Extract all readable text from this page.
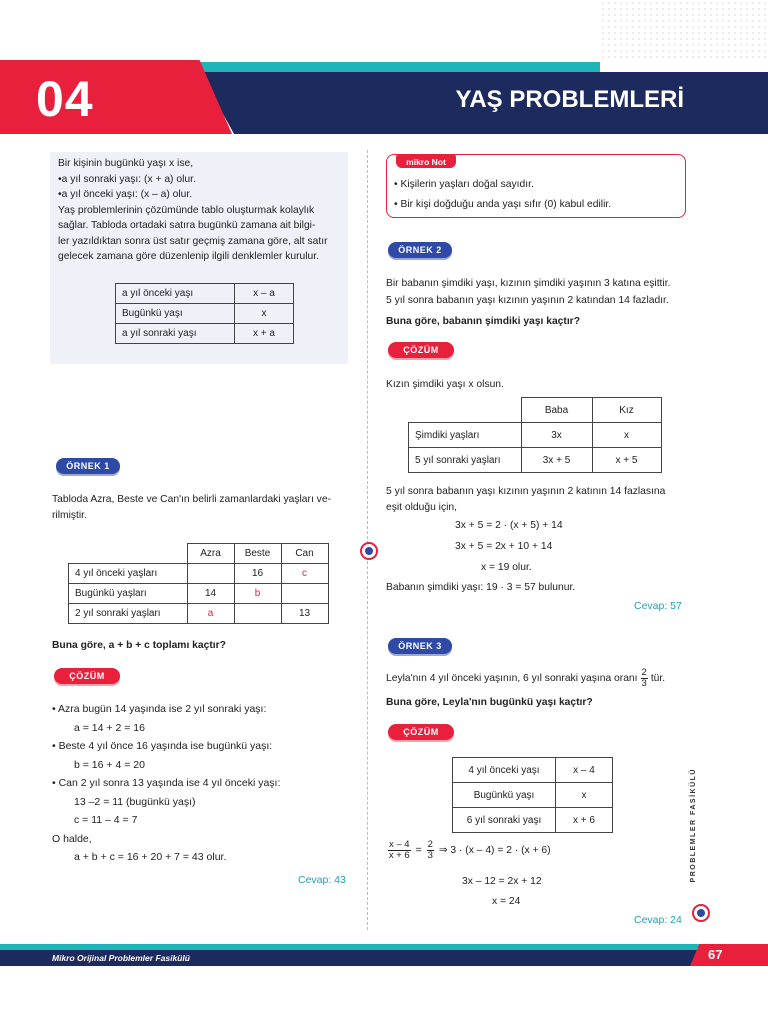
04	YAŞ PROBLEMLERİ
Bir kişinin bugünkü yaşı x ise,
•a yıl sonraki yaşı: (x + a) olur.
•a yıl önceki yaşı: (x – a) olur.
Yaş problemlerinin çözümünde tablo oluşturmak kolaylık
sağlar. Tabloda ortadaki satıra bugünkü zamana ait bilgi-
ler yazıldıktan sonra üst satır geçmiş zamana göre, alt satır
gelecek zamana göre düzenlenip ilgili denklemler kurulur.
a yıl önceki yaşı	x – a
Bugünkü yaşı	x
a yıl sonraki yaşı	x + a
ÖRNEK 1
Tabloda Azra, Beste ve Can'ın belirli zamanlardaki yaşları ve-
rilmiştir.
	Azra	Beste	Can
4 yıl önceki yaşları		16	c
Bugünkü yaşları	14	b	
2 yıl sonraki yaşları	a		13
Buna göre, a + b + c toplamı kaçtır?
ÇÖZÜM
• Azra bugün 14 yaşında ise 2 yıl sonraki yaşı:
a = 14 + 2 = 16
• Beste 4 yıl önce 16 yaşında ise bugünkü yaşı:
b = 16 + 4 = 20
• Can 2 yıl sonra 13 yaşında ise 4 yıl önceki yaşı:
13 –2 = 11 (bugünkü yaşı)
c = 11 – 4 = 7
O halde,
a + b + c = 16 + 20 + 7 = 43 olur.
Cevap: 43
mikro Not
• Kişilerin yaşları doğal sayıdır.
• Bir kişi doğduğu anda yaşı sıfır (0) kabul edilir.
ÖRNEK 2
Bir babanın şimdiki yaşı, kızının şimdiki yaşının 3 katına eşittir.
5 yıl sonra babanın yaşı kızının yaşının 2 katından 14 fazladır.
Buna göre, babanın şimdiki yaşı kaçtır?
ÇÖZÜM
Kızın şimdiki yaşı x olsun.
	Baba	Kız
Şimdiki yaşları	3x	x
5 yıl sonraki yaşları	3x + 5	x + 5
5 yıl sonra babanın yaşı kızının yaşının 2 katının 14 fazlasına
eşit olduğu için,
3x + 5 = 2 · (x + 5) + 14
3x + 5 = 2x + 10 + 14
x = 19 olur.
Babanın şimdiki yaşı: 19 · 3 = 57 bulunur.
Cevap: 57
ÖRNEK 3
Leyla'nın 4 yıl önceki yaşının, 6 yıl sonraki yaşına oranı $\frac{2}{3}$ tür.
Buna göre, Leyla'nın bugünkü yaşı kaçtır?
ÇÖZÜM
4 yıl önceki yaşı	x – 4
Bugünkü yaşı	x
6 yıl sonraki yaşı	x + 6
$\frac{x - 4}{x + 6} = \frac{2}{3}$ ⇒ 3 · (x – 4) = 2 · (x + 6)
3x – 12 = 2x + 12
x = 24
Cevap: 24
PROBLEMLER FASİKÜLÜ
Mikro Orijinal Problemler Fasikülü	67
